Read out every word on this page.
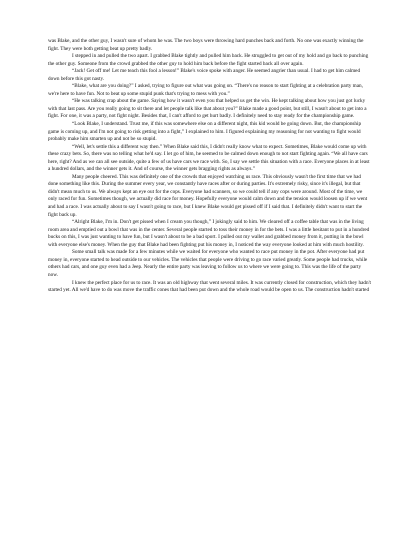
was Blake, and the other guy, I wasn't sure of whom he was. The two boys were throwing hard punches back and forth. No one was exactly winning the fight. They were both getting beat up pretty badly.

I stepped in and pulled the two apart. I grabbed Blake tightly and pulled him back. He struggled to get out of my hold and go back to punching the other guy. Someone from the crowd grabbed the other guy to hold him back before the fight started back all over again.

“Jack! Get off me! Let me teach this fool a lesson!” Blake's voice spoke with anger. He seemed angrier than usual. I had to get him calmed down before this got nasty.

“Blake, what are you doing?” I asked, trying to figure out what was going on. “There's no reason to start fighting at a celebration party man, we're here to have fun. Not to beat up some stupid punk that's trying to mess with you.”

“He was talking crap about the game. Saying how it wasn't even you that helped us get the win. He kept talking about how you just got lucky with that last pass. Are you really going to sit there and let people talk like that about you?” Blake made a good point, but still, I wasn't about to get into a fight. For one, it was a party, not fight night. Besides that, I can't afford to get hurt badly. I definitely need to stay ready for the championship game.

“Look Blake, I understand. Trust me, if this was somewhere else on a different night, this kid would be going down. But, the championship game is coming up, and I'm not going to risk getting into a fight,” I explained to him. I figured explaining my reasoning for not wanting to fight would probably make him smarten up and not be so stupid.

“Well, let's settle this a different way then.” When Blake said this, I didn't really know what to expect. Sometimes, Blake would come up with these crazy bets. So, there was no telling what he'd say. I let go of him, he seemed to be calmed down enough to not start fighting again. “We all have cars here, right? And as we can all see outside, quite a few of us have cars we race with. So, I say we settle this situation with a race. Everyone places in at least a hundred dollars, and the winner gets it. And of course, the winner gets bragging rights as always.”

Many people cheered. This was definitely one of the crowds that enjoyed watching us race. This obviously wasn't the first time that we had done something like this. During the summer every year, we constantly have races after or during parties. It's extremely risky, since it's illegal, but that didn't mean much to us. We always kept an eye out for the cops. Everyone had scanners, so we could tell if any cops were around. Most of the time, we only raced for fun. Sometimes though, we actually did race for money. Hopefully everyone would calm down and the tension would loosen up if we went and had a race. I was actually about to say I wasn't going to race, but I knew Blake would get pissed off if I said that. I definitely didn't want to start the fight back up.

“Alright Blake, I'm in. Don't get pissed when I cream you though,” I jokingly said to him. We cleared off a coffee table that was in the living room area and emptied out a bowl that was in the center. Several people started to toss their money in for the bets. I was a little hesitant to put in a hundred bucks on this, I was just wanting to have fun, but I wasn't about to be a bad sport. I pulled out my wallet and grabbed money from it, putting in the bowl with everyone else's money. When the guy that Blake had been fighting put his money in, I noticed the way everyone looked at him with much hostility.

Some small talk was made for a few minutes while we waited for everyone who wanted to race put money in the pot. After everyone had put money in, everyone started to head outside to our vehicles. The vehicles that people were driving to go race varied greatly. Some people had trucks, while others had cars, and one guy even had a Jeep. Nearly the entire party was leaving to follow us to where we were going to. This was the life of the party now.

I knew the perfect place for us to race. It was an old highway that went several miles. It was currently closed for construction, which they hadn't started yet. All we'd have to do was move the traffic cones that had been put down and the whole road would be open to us. The construction hadn't started
